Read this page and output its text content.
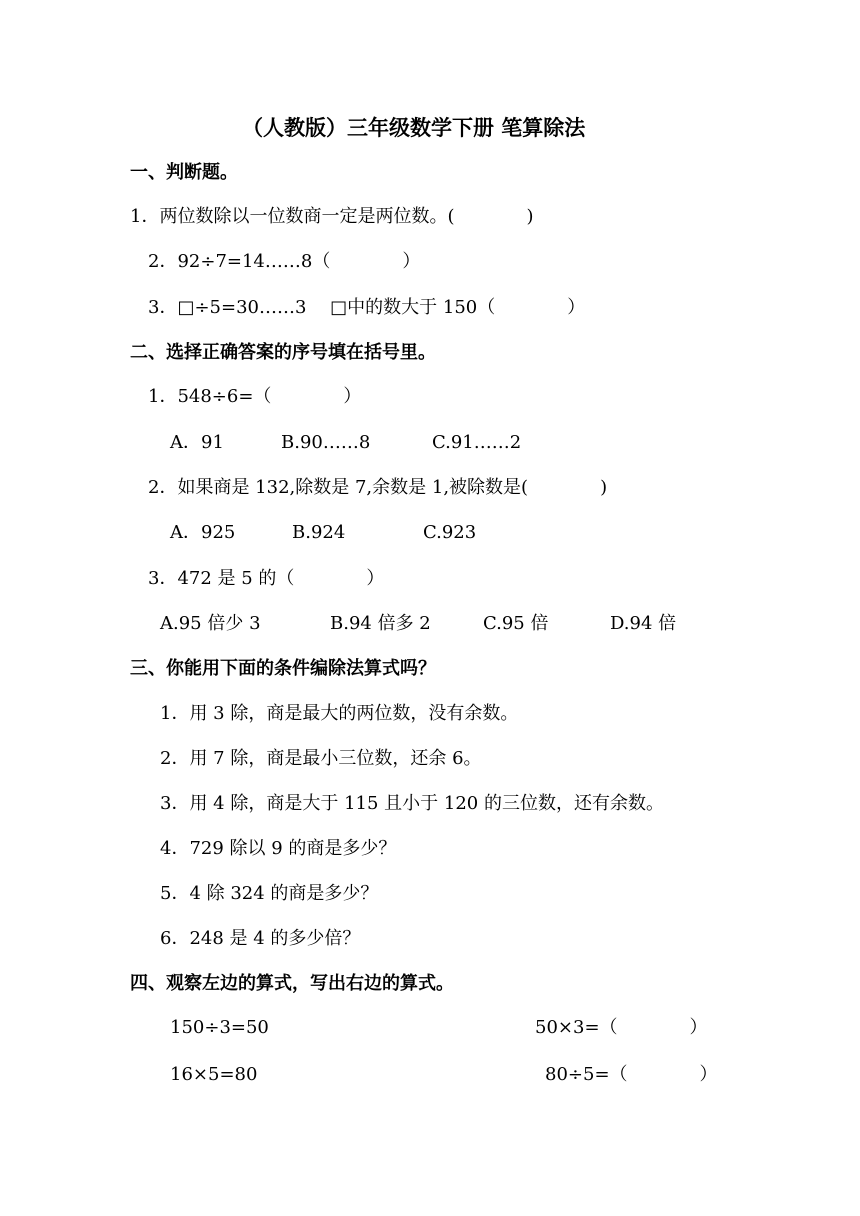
（人教版）三年级数学下册 笔算除法
一、判断题。
1．两位数除以一位数商一定是两位数。(　　　　)
2．92÷7=14……8（　　　　）
3．□÷5=30……3　 □中的数大于 150（　　　　）
二、选择正确答案的序号填在括号里。
1．548÷6=（　　　　）
A．91	B.90……8	C.91……2
2．如果商是 132,除数是 7,余数是 1,被除数是(　　　　)
A．925	B.924	C.923
3．472 是 5 的（　　　　）
A.95 倍少 3	B.94 倍多 2	C.95 倍	D.94 倍
三、你能用下面的条件编除法算式吗？
1．用 3 除，商是最大的两位数，没有余数。
2．用 7 除，商是最小三位数，还余 6。
3．用 4 除，商是大于 115 且小于 120 的三位数，还有余数。
4．729 除以 9 的商是多少？
5．4 除 324 的商是多少？
6．248 是 4 的多少倍？
四、观察左边的算式，写出右边的算式。
150÷3=50	50×3=（　　　　）
16×5=80	80÷5=（　　　　）
